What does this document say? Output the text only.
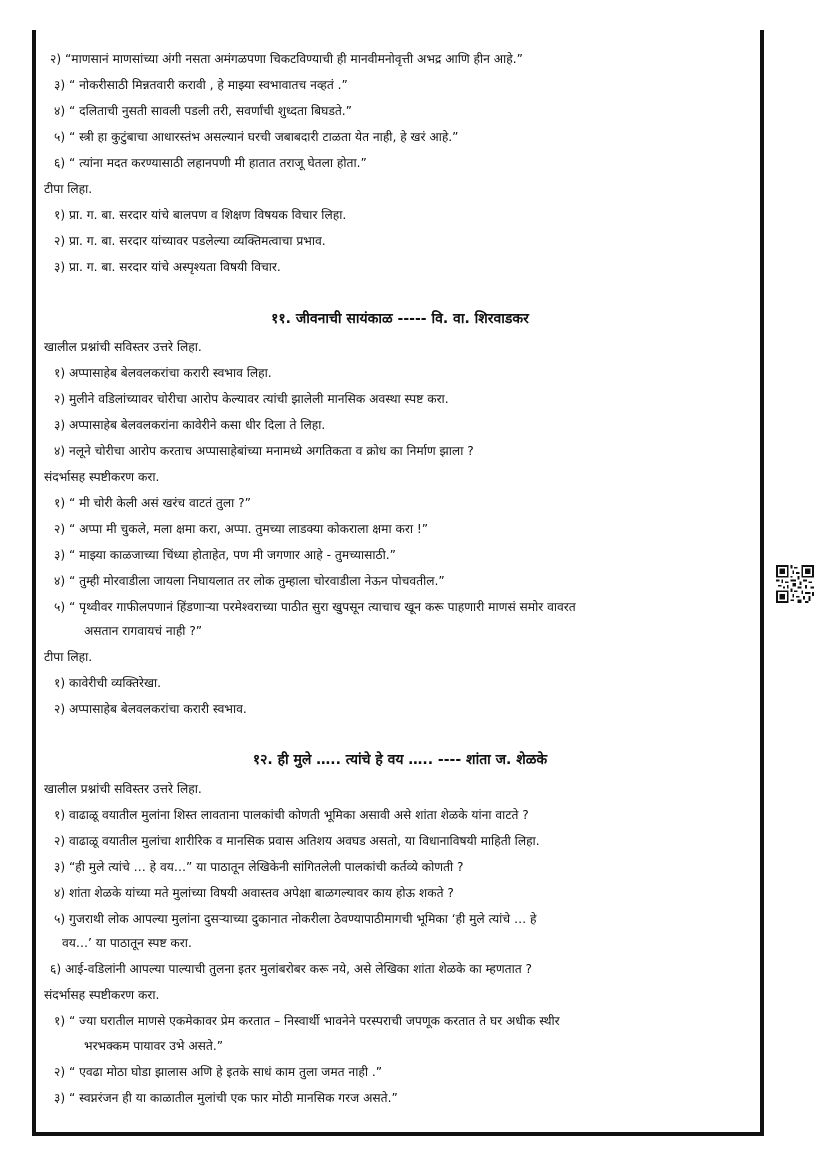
२) “माणसानं माणसांच्या अंगी नसता अमंगळपणा चिकटविण्याची ही मानवीमनोवृत्ती अभद्र आणि हीन आहे.”
३) “ नोकरीसाठी मिन्नतवारी करावी , हे माझ्या स्वभावातच नव्हतं .”
४) “ दलिताची नुसती सावली पडली तरी, सवर्णांची शुध्दता बिघडते.”
५) “ स्त्री हा कुटुंबाचा आधारस्तंभ असल्यानं घरची जबाबदारी टाळता येत नाही, हे खरं आहे.”
६) “ त्यांना मदत करण्यासाठी लहानपणी मी हातात तराजू घेतला होता.”
टीपा लिहा.
१) प्रा. ग. बा. सरदार यांचे बालपण व शिक्षण विषयक विचार लिहा.
२) प्रा. ग. बा. सरदार यांच्यावर पडलेल्या व्यक्तिमत्वाचा प्रभाव.
३) प्रा. ग. बा. सरदार यांचे अस्पृश्यता विषयी विचार.
११. जीवनाची सायंकाळ ----- वि. वा. शिरवाडकर
खालील प्रश्नांची सविस्तर उत्तरे लिहा.
१) अप्पासाहेब बेलवलकरांचा करारी स्वभाव लिहा.
२) मुलीने वडिलांच्यावर चोरीचा आरोप केल्यावर त्यांची झालेली मानसिक अवस्था स्पष्ट करा.
३) अप्पासाहेब बेलवलकरांना कावेरीने कसा धीर दिला ते लिहा.
४) नलूने चोरीचा आरोप करताच अप्पासाहेबांच्या मनामध्ये अगतिकता व क्रोध का निर्माण झाला ?
संदर्भासह स्पष्टीकरण करा.
१) “ मी चोरी केली असं खरंच वाटतं तुला ?”
२) “ अप्पा मी चुकले, मला क्षमा करा, अप्पा. तुमच्या लाडक्या कोकराला क्षमा करा !”
३) “ माझ्या काळजाच्या चिंध्या होताहेत, पण मी जगणार आहे - तुमच्यासाठी.”
४) “ तुम्ही मोरवाडीला जायला निघायलात तर लोक तुम्हाला चोरवाडीला नेऊन पोचवतील.”
५) “ पृथ्वीवर गाफीलपणानं हिंडणाऱ्या परमेश्वराच्या पाठीत सुरा खुपसून त्याचाच खून करू पाहणारी माणसं समोर वावरत
असतान रागवायचं नाही ?”
टीपा लिहा.
१) कावेरीची व्यक्तिरेखा.
२) अप्पासाहेब बेलवलकरांचा करारी स्वभाव.
१२. ही मुले ….. त्यांचे हे वय ….. ---- शांता ज. शेळके
खालील प्रश्नांची सविस्तर उत्तरे लिहा.
१) वाढाळू वयातील मुलांना शिस्त लावताना पालकांची कोणती भूमिका असावी असे शांता शेळके यांना वाटते ?
२) वाढाळू वयातील मुलांचा शारीरिक व मानसिक प्रवास अतिशय अवघड असतो, या विधानाविषयी माहिती लिहा.
३) “ही मुले त्यांचे … हे वय…” या पाठातून लेखिकेनी सांगितलेली पालकांची कर्तव्ये कोणती ?
४) शांता शेळके यांच्या मते मुलांच्या विषयी अवास्तव अपेक्षा बाळगल्यावर काय होऊ शकते ?
५) गुजराथी लोक आपल्या मुलांना दुसऱ्याच्या दुकानात नोकरीला ठेवण्यापाठीमागची भूमिका ‘ही मुले त्यांचे … हे
वय…’ या पाठातून स्पष्ट करा.
६) आई-वडिलांनी आपल्या पाल्याची तुलना इतर मुलांबरोबर करू नये, असे लेखिका शांता शेळके का म्हणतात ?
संदर्भासह स्पष्टीकरण करा.
१) “ ज्या घरातील माणसे एकमेकावर प्रेम करतात – निस्वार्थी भावनेने परस्पराची जपणूक करतात ते घर अधीक स्थीर
भरभक्कम पायावर उभे असते.”
२) “ एवढा मोठा घोडा झालास अणि हे इतके साधं काम तुला जमत नाही .”
३) “ स्वप्नरंजन ही या काळातील मुलांची एक फार मोठी मानसिक गरज असते.”
